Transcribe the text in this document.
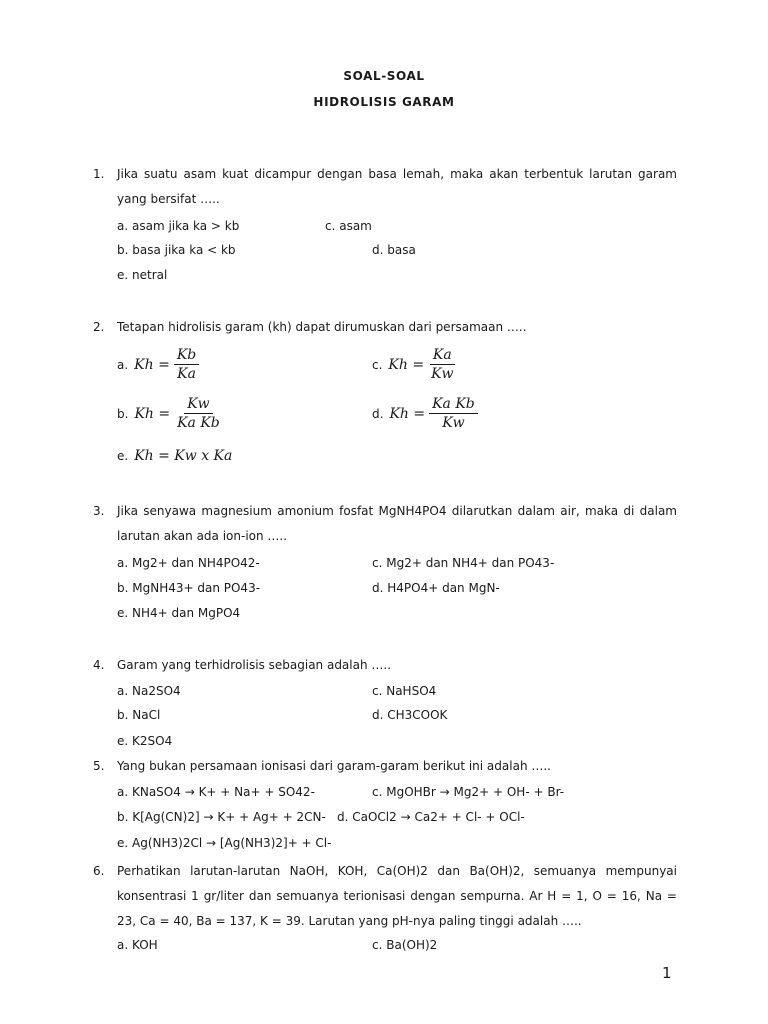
SOAL-SOAL
HIDROLISIS GARAM
1.	Jika suatu asam kuat dicampur dengan basa lemah, maka akan terbentuk larutan garam yang bersifat …..
a. asam jika ka > kb	c. asam
b. basa jika ka < kb	d. basa
e. netral
2.	Tetapan hidrolisis garam (kh) dapat dirumuskan dari persamaan …..
a. $Kh = \frac{Kb}{Ka}$	c. $Kh = \frac{Ka}{Kw}$
b. $Kh = \frac{Kw}{\text{Ka Kb}}$	d. $Kh = \frac{\text{Ka Kb}}{Kw}$
e. Kh = Kw x Ka
3.	Jika senyawa magnesium amonium fosfat MgNH4PO4 dilarutkan dalam air, maka di dalam larutan akan ada ion-ion …..
a. Mg2+ dan NH4PO42-	c. Mg2+ dan NH4+ dan PO43-
b. MgNH43+ dan PO43-	d. H4PO4+ dan MgN-
e. NH4+ dan MgPO4
4.	Garam yang terhidrolisis sebagian adalah …..
a. Na2SO4	c. NaHSO4
b. NaCl	d. CH3COOK
e. K2SO4
5.	Yang bukan persamaan ionisasi dari garam-garam berikut ini adalah …..
a. KNaSO4 → K+ + Na+ + SO42-	c. MgOHBr → Mg2+ + OH- + Br-
b. K[Ag(CN)2] → K+ + Ag+ + 2CN- d. CaOCl2 → Ca2+ + Cl- + OCl-
e. Ag(NH3)2Cl → [Ag(NH3)2]+ + Cl-
6.	Perhatikan larutan-larutan NaOH, KOH, Ca(OH)2 dan Ba(OH)2, semuanya mempunyai konsentrasi 1 gr/liter dan semuanya terionisasi dengan sempurna. Ar H = 1, O = 16, Na = 23, Ca = 40, Ba = 137, K = 39. Larutan yang pH-nya paling tinggi adalah …..
a. KOH	c. Ba(OH)2
1
